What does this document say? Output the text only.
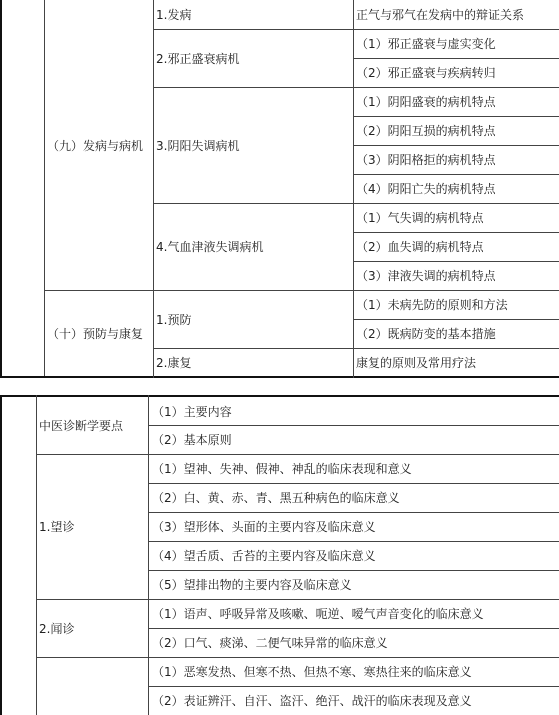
（九）发病与病机
1.发病	正气与邪气在发病中的辩证关系
2.邪正盛衰病机
（1）邪正盛衰与虚实变化
（2）邪正盛衰与疾病转归
3.阴阳失调病机
（1）阴阳盛衰的病机特点
（2）阴阳互损的病机特点
（3）阴阳格拒的病机特点
（4）阴阳亡失的病机特点
4.气血津液失调病机
（1）气失调的病机特点
（2）血失调的病机特点
（3）津液失调的病机特点
（十）预防与康复
1.预防
（1）未病先防的原则和方法
（2）既病防变的基本措施
2.康复	康复的原则及常用疗法
中医诊断学要点
（1）主要内容
（2）基本原则
1.望诊
（1）望神、失神、假神、神乱的临床表现和意义
（2）白、黄、赤、青、黑五种病色的临床意义
（3）望形体、头面的主要内容及临床意义
（4）望舌质、舌苔的主要内容及临床意义
（5）望排出物的主要内容及临床意义
2.闻诊
（1）语声、呼吸异常及咳嗽、呃逆、嗳气声音变化的临床意义
（2）口气、痰涕、二便气味异常的临床意义
（1）恶寒发热、但寒不热、但热不寒、寒热往来的临床意义
（2）表证辨汗、自汗、盗汗、绝汗、战汗的临床表现及意义
